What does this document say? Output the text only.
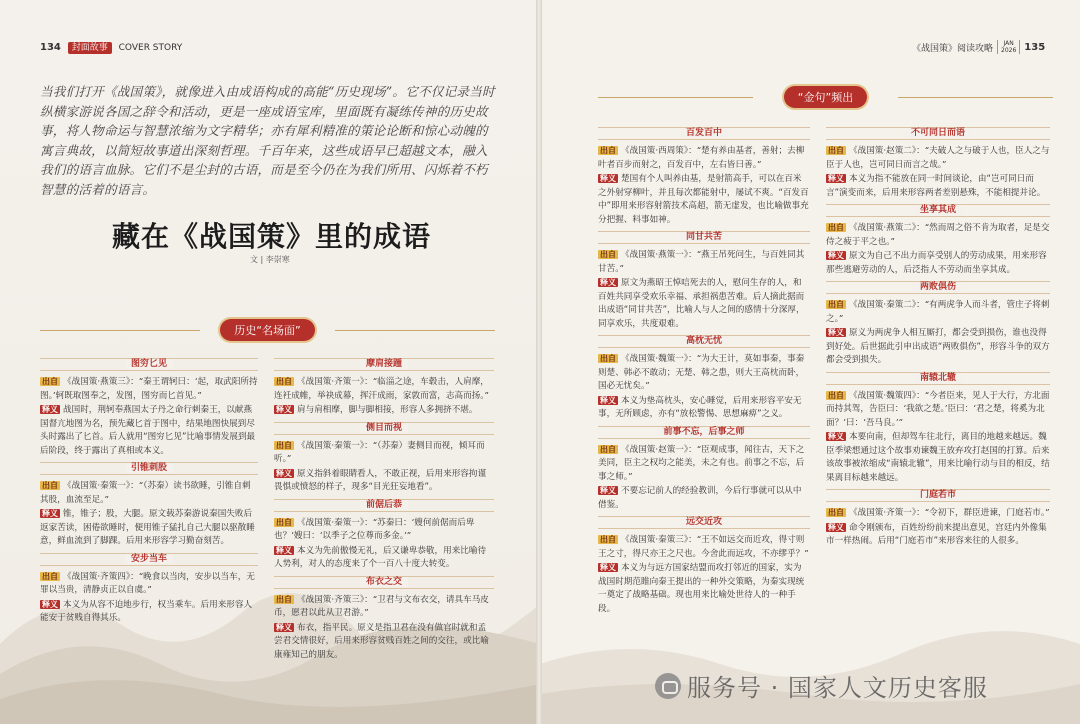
134 封面故事 COVER STORY	《战国策》阅读攻略	JAN
2026 135

当我们打开《战国策》，就像进入由成语构成的高能“历史现场”。它不仅记录当时纵横家游说各国之辞令和活动，更是一座成语宝库，里面既有凝练传神的历史故事，将人物命运与智慧浓缩为文字精华；亦有犀利精准的策论论断和惊心动魄的寓言典故，以简短故事道出深刻哲理。千百年来，这些成语早已超越文本，融入我们的语言血脉。它们不是尘封的古语，而是至今仍在为我们所用、闪烁着不朽智慧的活着的语言。

藏在《战国策》里的成语
文 | 李崇寒
历史“名场面”
“金句”频出
图穷匕见
出自 《战国策·燕策三》：“秦王谓轲曰：‘起，取武阳所持图。’轲既取图奉之，发图，图穷而匕首见。”
释义 战国时，荆轲奉燕国太子丹之命行刺秦王，以献燕国督亢地图为名，预先藏匕首于图中，结果地图快展到尽头时露出了匕首。后人就用“图穷匕见”比喻事情发展到最后阶段，终于露出了真相或本义。
引锥刺股
出自 《战国策·秦策一》：“（苏秦）读书欲睡，引锥自刺其股，血流至足。”
释义 锥，锥子；股，大腿。原文载苏秦游说秦国失败后返家苦读，困倦欲睡时，便用锥子猛扎自己大腿以驱散睡意，鲜血流到了脚踝。后用来形容学习勤奋刻苦。
安步当车
出自 《战国策·齐策四》：“晚食以当肉，安步以当车，无罪以当贵，清静贞正以自虞。”
释义 本义为从容不迫地步行，权当乘车。后用来形容人能安于贫贱自得其乐。
摩肩接踵
出自 《战国策·齐策一》：“临淄之途，车毂击，人肩摩，连衽成帷，举袂成幕，挥汗成雨，家敦而富，志高而扬。”
释义 肩与肩相摩，脚与脚相接，形容人多拥挤不堪。
侧目而视
出自 《战国策·秦策一》：“（苏秦）妻侧目而视，倾耳而听。”
释义 原义指斜着眼睛看人，不敢正视，后用来形容拘谨畏惧或愤怒的样子，现多“目光狂妄地看”。
前倨后恭
出自 《战国策·秦策一》：“苏秦曰：‘嫂何前倨而后卑也？’嫂曰：‘以季子之位尊而多金。’”
释义 本义为先前傲慢无礼，后又谦卑恭敬，用来比喻待人势利，对人的态度来了个一百八十度大转变。
布衣之交
出自 《战国策·齐策三》：“卫君与文布衣交，请具车马皮币，愿君以此从卫君游。”
释义 布衣，指平民。原义是指卫君在没有做官时就和孟尝君交情很好，后用来形容贫贱百姓之间的交往，或比喻康雍知己的朋友。
百发百中
出自 《战国策·西周策》：“楚有养由基者，善射；去柳叶者百步而射之，百发百中，左右皆曰善。”
释义 楚国有个人叫养由基，是射箭高手，可以在百米之外射穿柳叶，并且每次都能射中，屡试不爽。“百发百中”即用来形容射箭技术高超，箭无虚发，也比喻做事充分把握、料事如神。
同甘共苦
出自 《战国策·燕策一》：“燕王吊死问生，与百姓同其甘苦。”
释义 原文为燕昭王悼唁死去的人，慰问生存的人，和百姓共同享受欢乐幸福、承担祸患苦难。后人摘此据而出成语“同甘共苦”，比喻人与人之间的感情十分深厚，同享欢乐，共度艰难。
高枕无忧
出自 《战国策·魏策一》：“为大王计，莫如事秦，事秦则楚、韩必不敢动；无楚、韩之患，则大王高枕而卧，国必无忧矣。”
释义 本义为垫高枕头，安心睡觉，后用来形容平安无事，无所顾虑，亦有“放松警惕、思想麻痹”之义。
前事不忘，后事之师
出自 《战国策·赵策一》：“臣观成事，闻往古，天下之美同，臣主之权均之能美，未之有也。前事之不忘，后事之师。”
释义 不要忘记前人的经验教训，今后行事就可以从中借鉴。
远交近攻
出自 《战国策·秦策三》：“王不如远交而近攻，得寸则王之寸，得尺亦王之尺也。今舍此而远攻，不亦缪乎？”
释义 本义为与远方国家结盟而攻打邻近的国家，实为战国时期范睢向秦王提出的一种外交策略，为秦实现统一奠定了战略基础。现也用来比喻处世待人的一种手段。
不可同日而语
出自 《战国策·赵策二》：“夫破人之与破于人也，臣人之与臣于人也，岂可同日而言之哉。”
释义 本义为指不能放在同一时间谈论，由“岂可同日而言”演变而来，后用来形容两者差别悬殊，不能相提并论。
坐享其成
出自 《战国策·燕策二》：“然而周之俗不肯为取者，足是交侍之疲于平之也。”
释义 原文为自己不出力而享受别人的劳动成果，用来形容那些逃避劳动的人，后泛指人不劳动而坐享其成。
两败俱伤
出自 《战国策·秦策二》：“有两虎争人而斗者，管庄子将刺之。”
释义 原义为两虎争人相互厮打，都会受到损伤，谁也没得到好处。后世据此引申出成语“两败俱伤”，形容斗争的双方都会受到损失。
南辕北辙
出自 《战国策·魏策四》：“今者臣来，见人于大行，方北面而持其驾，告臣曰：‘我欲之楚。’臣曰：‘君之楚，将奚为北面？’曰：‘吾马良。’”
释义 本要向南，但却驾车往北行，离目的地越来越远。魏臣季梁想通过这个故事劝谏魏王放弃攻打赵国的打算。后来该故事被浓缩成“南辕北辙”，用来比喻行动与目的相反，结果离目标越来越远。
门庭若市
出自 《战国策·齐策一》：“令初下，群臣进谏，门庭若市。”
释义 命令刚颁布，百姓纷纷前来提出意见，宫廷内外像集市一样热闹。后用“门庭若市”来形容来往的人很多。
服务号 · 国家人文历史客服
